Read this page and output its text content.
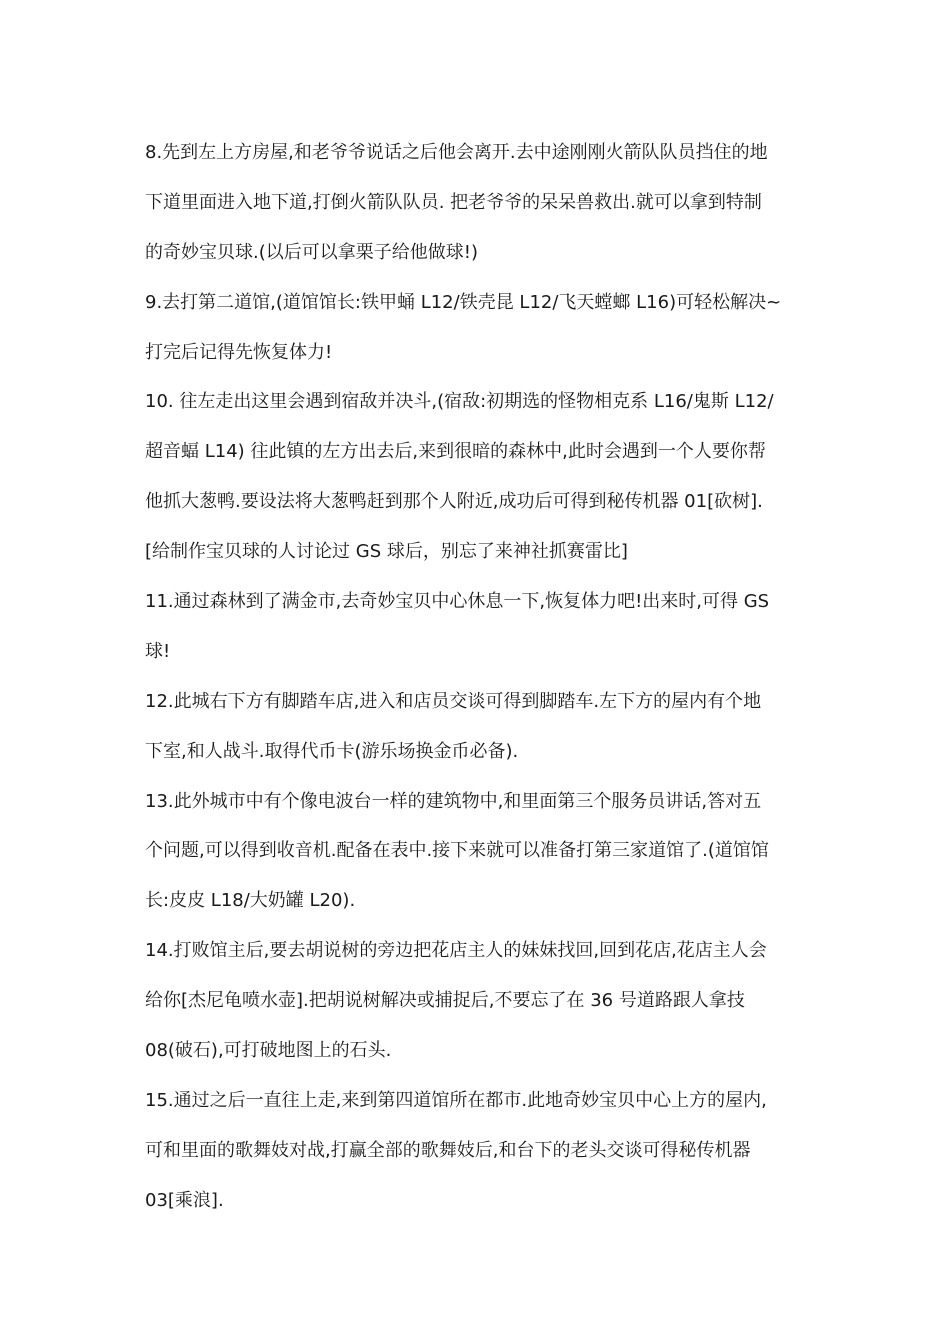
8.先到左上方房屋,和老爷爷说话之后他会离开.去中途刚刚火箭队队员挡住的地
下道里面进入地下道,打倒火箭队队员. 把老爷爷的呆呆兽救出.就可以拿到特制
的奇妙宝贝球.(以后可以拿栗子给他做球!)
9.去打第二道馆,(道馆馆长:铁甲蛹 L12/铁壳昆 L12/飞天螳螂 L16)可轻松解决~
打完后记得先恢复体力!
10. 往左走出这里会遇到宿敌并决斗,(宿敌:初期选的怪物相克系 L16/鬼斯 L12/
超音蝠 L14) 往此镇的左方出去后,来到很暗的森林中,此时会遇到一个人要你帮
他抓大葱鸭.要设法将大葱鸭赶到那个人附近,成功后可得到秘传机器 01[砍树].
[给制作宝贝球的人讨论过 GS 球后，别忘了来神社抓赛雷比]
11.通过森林到了满金市,去奇妙宝贝中心休息一下,恢复体力吧!出来时,可得 GS
球!
12.此城右下方有脚踏车店,进入和店员交谈可得到脚踏车.左下方的屋内有个地
下室,和人战斗.取得代币卡(游乐场换金币必备).
13.此外城市中有个像电波台一样的建筑物中,和里面第三个服务员讲话,答对五
个问题,可以得到收音机.配备在表中.接下来就可以准备打第三家道馆了.(道馆馆
长:皮皮 L18/大奶罐 L20).
14.打败馆主后,要去胡说树的旁边把花店主人的妹妹找回,回到花店,花店主人会
给你[杰尼龟喷水壶].把胡说树解决或捕捉后,不要忘了在 36 号道路跟人拿技
08(破石),可打破地图上的石头.
15.通过之后一直往上走,来到第四道馆所在都市.此地奇妙宝贝中心上方的屋内,
可和里面的歌舞妓对战,打赢全部的歌舞妓后,和台下的老头交谈可得秘传机器
03[乘浪].
